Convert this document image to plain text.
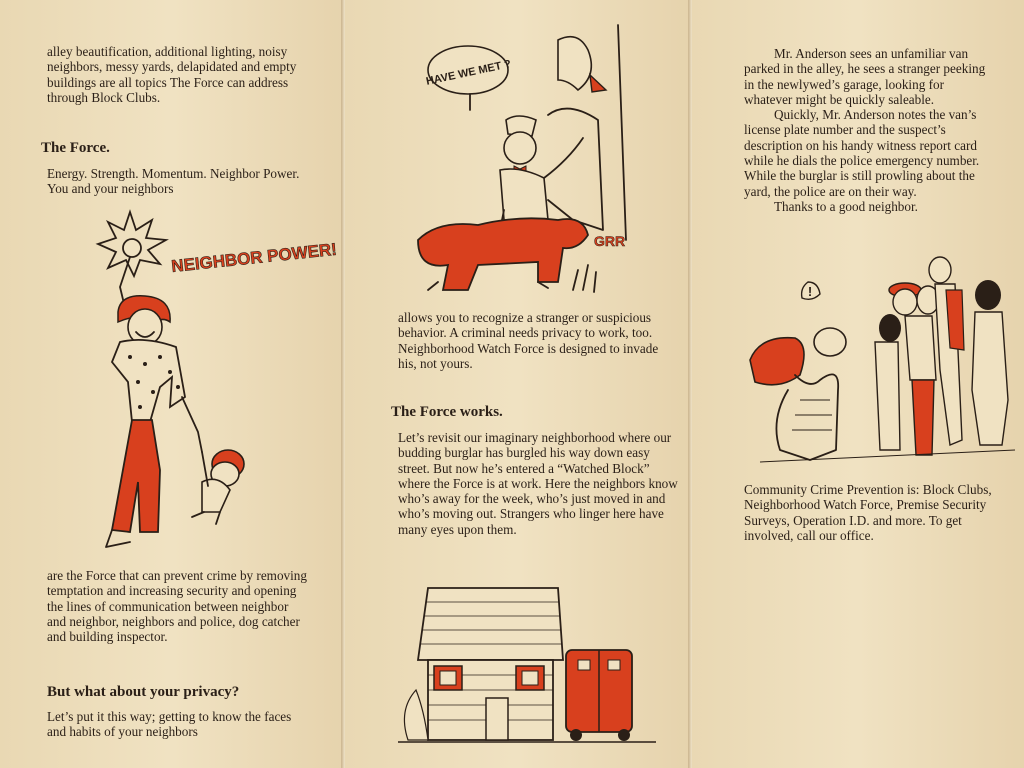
alley beautification, additional lighting, noisy neighbors, messy yards, delapidated and empty buildings are all topics The Force can address through Block Clubs.

The Force.

Energy. Strength. Momentum. Neighbor Power. You and your neighbors

NEIGHBOR POWER!

are the Force that can prevent crime by removing temptation and increasing security and opening the lines of communication between neighbor and neighbor, neighbors and police, dog catcher and building inspector.

But what about your privacy?

Let’s put it this way; getting to know the faces and habits of your neighbors

HAVE WE MET ?
GRR

allows you to recognize a stranger or suspicious behavior. A criminal needs privacy to work, too. Neighborhood Watch Force is designed to invade his, not yours.

The Force works.

Let’s revisit our imaginary neighborhood where our budding burglar has burgled his way down easy street. But now he’s entered a “Watched Block” where the Force is at work. Here the neighbors know who’s away for the week, who’s just moved in and who’s moving out. Strangers who linger here have many eyes upon them.

Mr. Anderson sees an unfamiliar van parked in the alley, he sees a stranger peeking in the newlywed’s garage, looking for whatever might be quickly saleable.

Quickly, Mr. Anderson notes the van’s license plate number and the suspect’s description on his handy witness report card while he dials the police emergency number. While the burglar is still prowling about the yard, the police are on their way.

Thanks to a good neighbor.

!

Community Crime Prevention is: Block Clubs, Neighborhood Watch Force, Premise Security Surveys, Operation I.D. and more. To get involved, call our office.
